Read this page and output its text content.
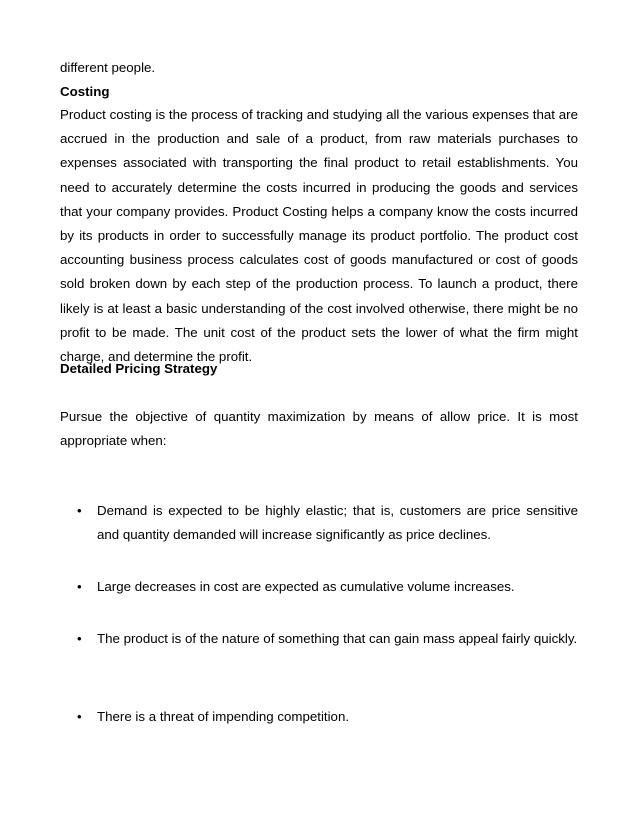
different people.

Costing

Product costing is the process of tracking and studying all the various expenses that are accrued in the production and sale of a product, from raw materials purchases to expenses associated with transporting the final product to retail establishments. You need to accurately determine the costs incurred in producing the goods and services that your company provides. Product Costing helps a company know the costs incurred by its products in order to successfully manage its product portfolio. The product cost accounting business process calculates cost of goods manufactured or cost of goods sold broken down by each step of the production process. To launch a product, there likely is at least a basic understanding of the cost involved otherwise, there might be no profit to be made. The unit cost of the product sets the lower of what the firm might charge, and determine the profit.

Detailed Pricing Strategy

Pursue the objective of quantity maximization by means of allow price. It is most appropriate when:

• Demand is expected to be highly elastic; that is, customers are price sensitive and quantity demanded will increase significantly as price declines.

• Large decreases in cost are expected as cumulative volume increases.

• The product is of the nature of something that can gain mass appeal fairly quickly.

• There is a threat of impending competition.
